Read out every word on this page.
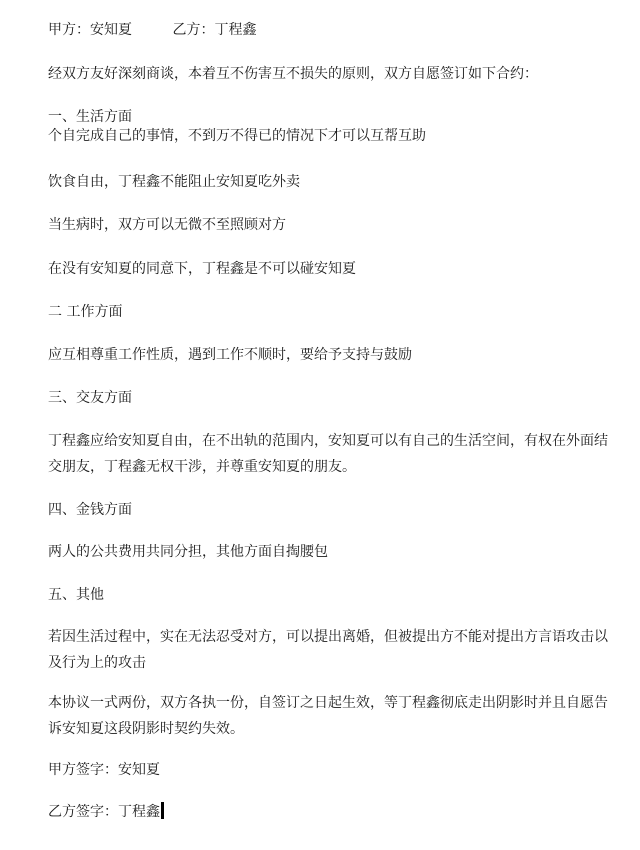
甲方：安知夏	乙方：丁程鑫
经双方友好深刻商谈，本着互不伤害互不损失的原则，双方自愿签订如下合约：
一、生活方面
个自完成自己的事情，不到万不得已的情况下才可以互帮互助
饮食自由，丁程鑫不能阻止安知夏吃外卖
当生病时，双方可以无微不至照顾对方
在没有安知夏的同意下，丁程鑫是不可以碰安知夏
二 工作方面
应互相尊重工作性质，遇到工作不顺时，要给予支持与鼓励
三、交友方面
丁程鑫应给安知夏自由，在不出轨的范围内，安知夏可以有自己的生活空间，有权在外面结交朋友，丁程鑫无权干涉，并尊重安知夏的朋友。
四、金钱方面
两人的公共费用共同分担，其他方面自掏腰包
五、其他
若因生活过程中，实在无法忍受对方，可以提出离婚，但被提出方不能对提出方言语攻击以及行为上的攻击
本协议一式两份，双方各执一份，自签订之日起生效，等丁程鑫彻底走出阴影时并且自愿告诉安知夏这段阴影时契约失效。
甲方签字：安知夏
乙方签字：丁程鑫
